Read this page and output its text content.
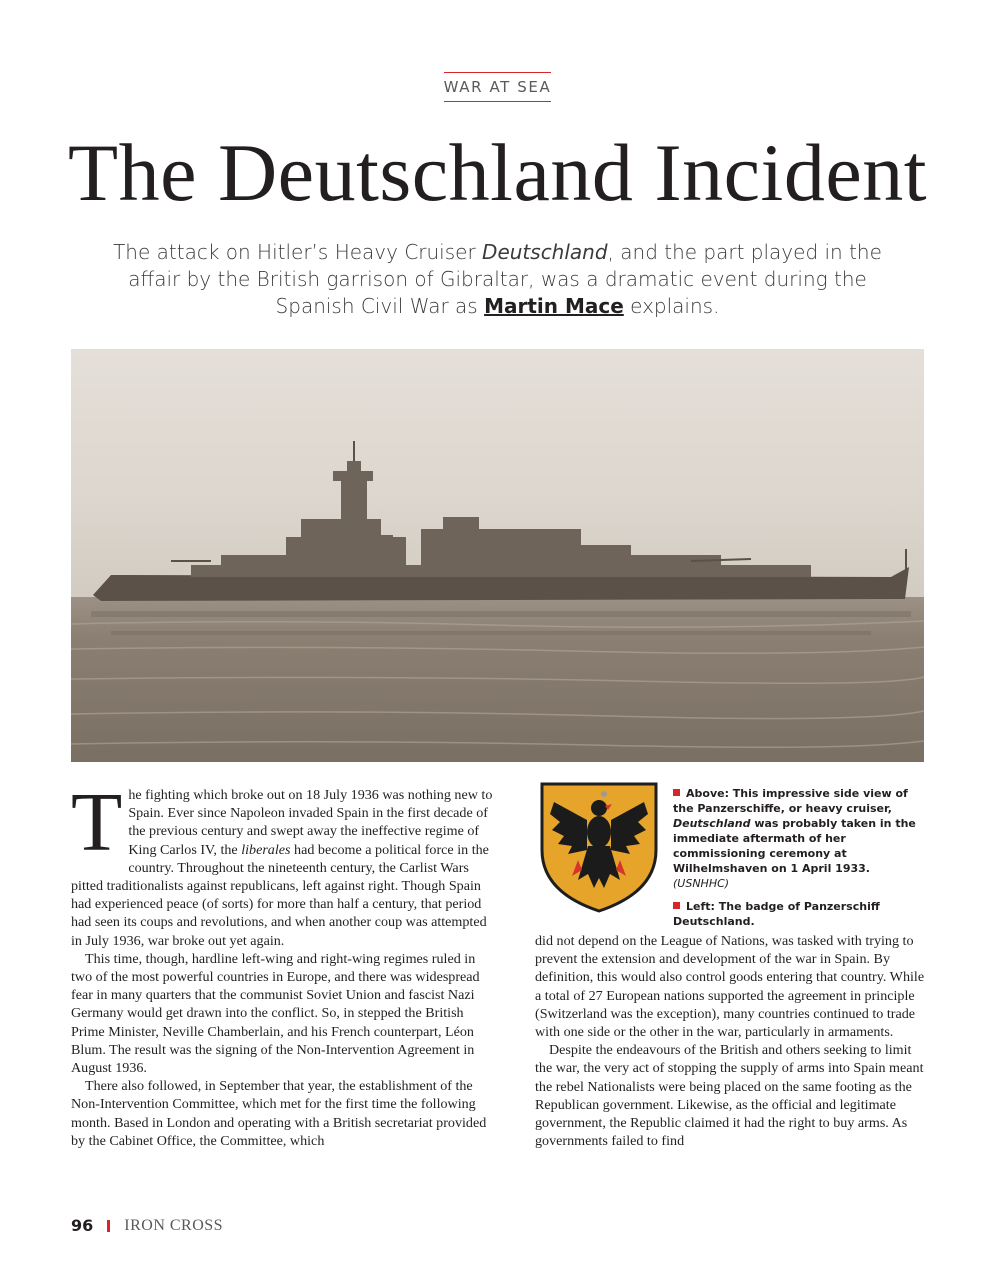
WAR AT SEA
The Deutschland Incident

The attack on Hitler’s Heavy Cruiser Deutschland, and the part played in the affair by the British garrison of Gibraltar, was a dramatic event during the Spanish Civil War as Martin Mace explains.

The fighting which broke out on 18 July 1936 was nothing new to Spain. Ever since Napoleon invaded Spain in the first decade of the previous century and swept away the ineffective regime of King Carlos IV, the liberales had become a political force in the country. Throughout the nineteenth century, the Carlist Wars pitted traditionalists against republicans, left against right. Though Spain had experienced peace (of sorts) for more than half a century, that period had seen its coups and revolutions, and when another coup was attempted in July 1936, war broke out yet again.

This time, though, hardline left-wing and right-wing regimes ruled in two of the most powerful countries in Europe, and there was widespread fear in many quarters that the communist Soviet Union and fascist Nazi Germany would get drawn into the conflict. So, in stepped the British Prime Minister, Neville Chamberlain, and his French counterpart, Léon Blum. The result was the signing of the Non-Intervention Agreement in August 1936.

There also followed, in September that year, the establishment of the Non-Intervention Committee, which met for the first time the following month. Based in London and operating with a British secretariat provided by the Cabinet Office, the Committee, which

Above: This impressive side view of the Panzerschiffe, or heavy cruiser, Deutschland was probably taken in the immediate aftermath of her commissioning ceremony at Wilhelmshaven on 1 April 1933. (USNHHC)

Left: The badge of Panzerschiff Deutschland.

did not depend on the League of Nations, was tasked with trying to prevent the extension and development of the war in Spain. By definition, this would also control goods entering that country. While a total of 27 European nations supported the agreement in principle (Switzerland was the exception), many countries continued to trade with one side or the other in the war, particularly in armaments.

Despite the endeavours of the British and others seeking to limit the war, the very act of stopping the supply of arms into Spain meant the rebel Nationalists were being placed on the same footing as the Republican government. Likewise, as the official and legitimate government, the Republic claimed it had the right to buy arms. As governments failed to find

96 IRON CROSS
